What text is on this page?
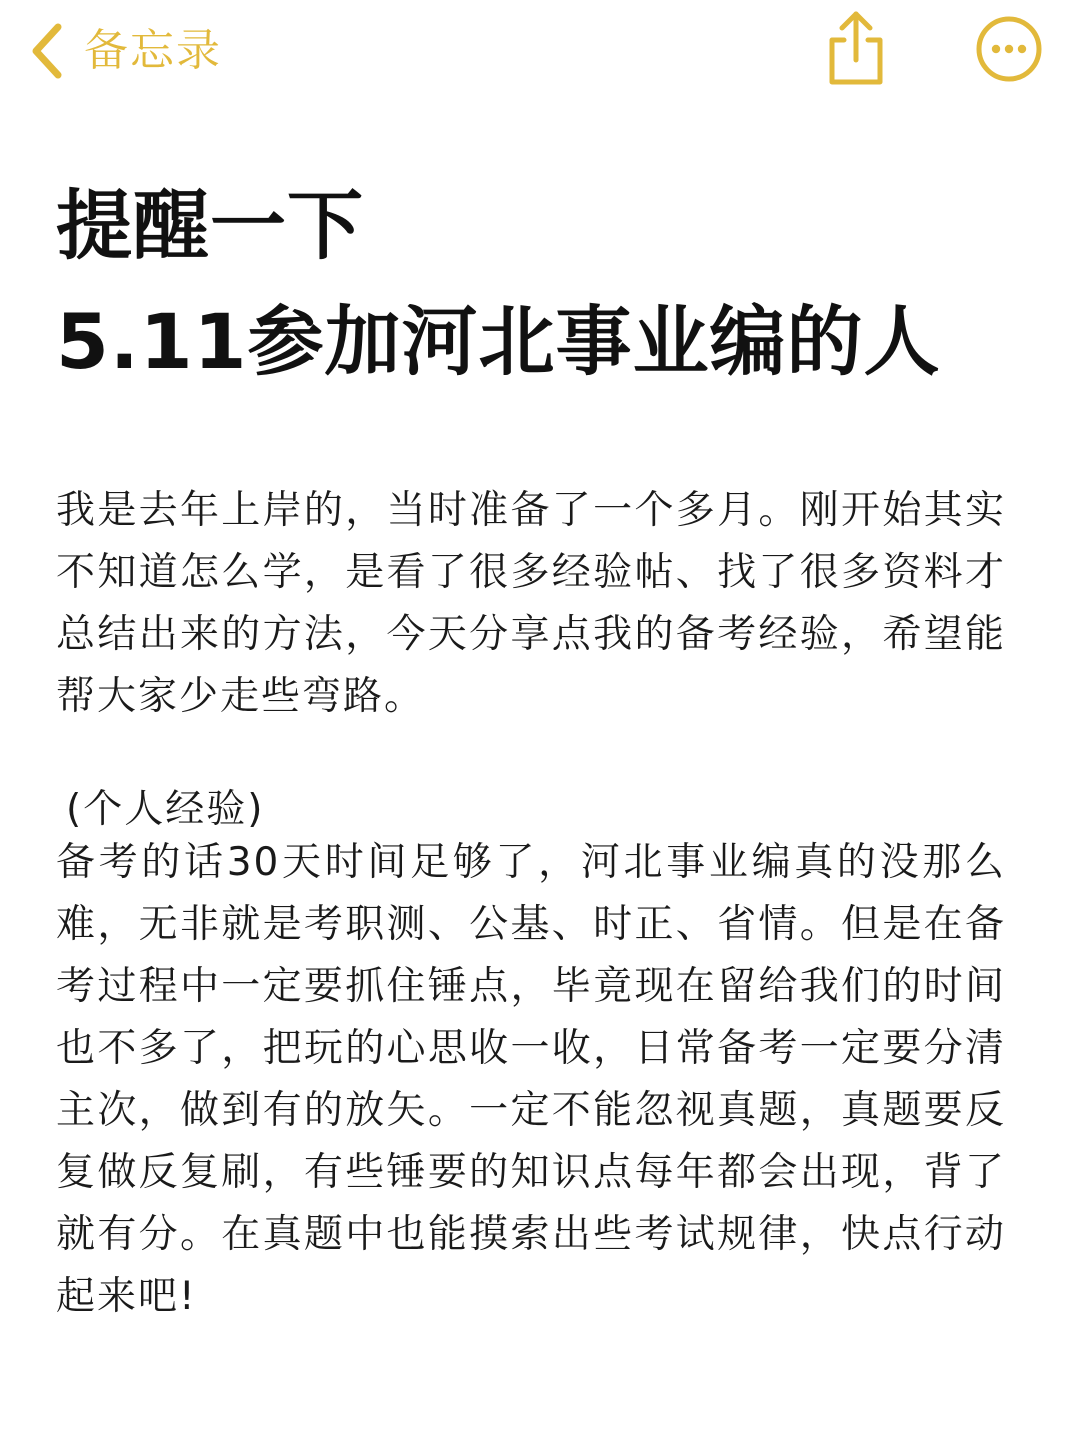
备忘录
提醒一下
5.11参加河北事业编的人

我是去年上岸的，当时准备了一个多月。刚开始其实不知道怎么学，是看了很多经验帖、找了很多资料才总结出来的方法，今天分享点我的备考经验，希望能帮大家少走些弯路。

(个人经验)

备考的话30天时间足够了，河北事业编真的没那么难，无非就是考职测、公基、时正、省情。但是在备考过程中一定要抓住锤点，毕竟现在留给我们的时间也不多了，把玩的心思收一收，日常备考一定要分清主次，做到有的放矢。一定不能忽视真题，真题要反复做反复刷，有些锤要的知识点每年都会出现，背了就有分。在真题中也能摸索出些考试规律，快点行动起来吧!
